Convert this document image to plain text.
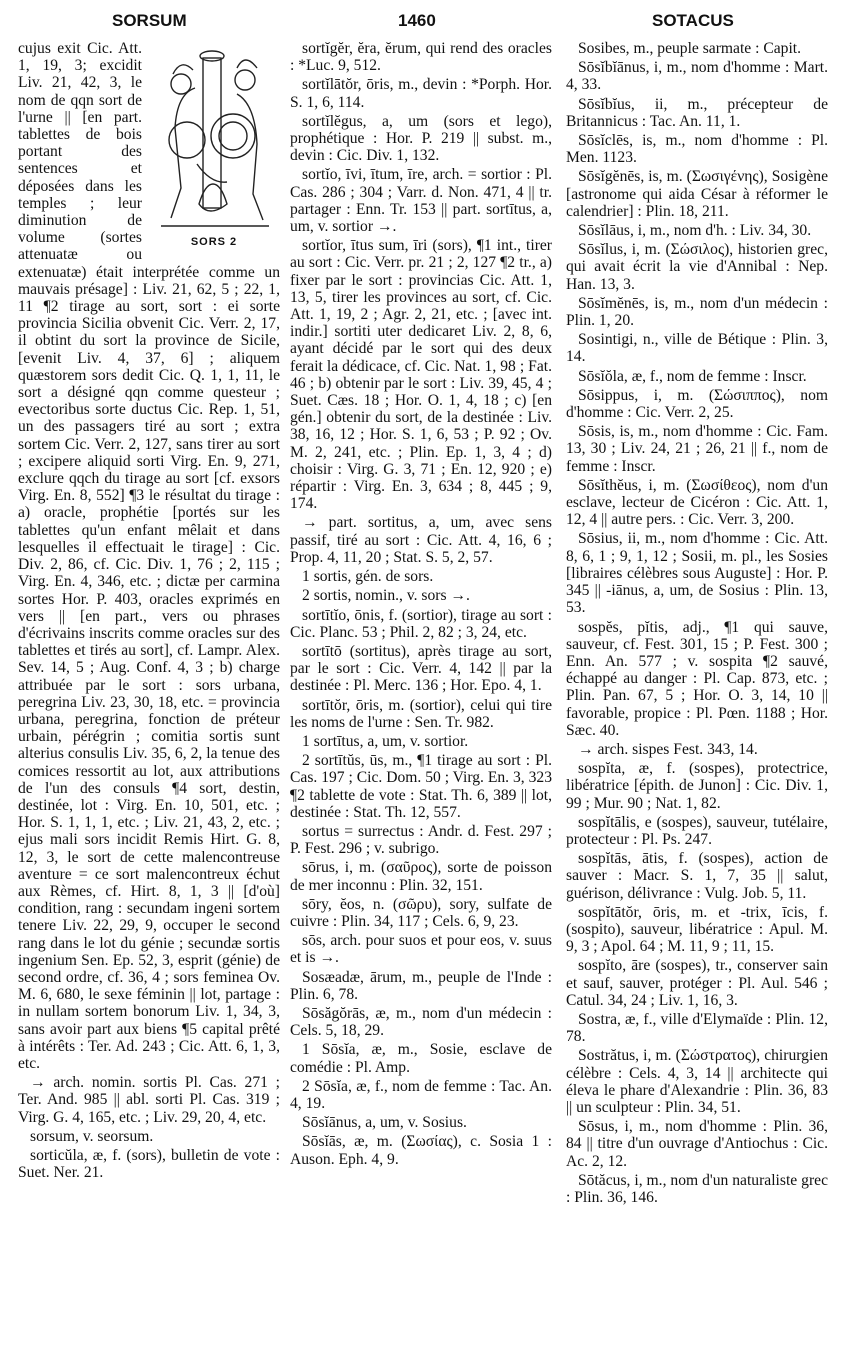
SORSUM	1460	SOTACUS
SORS 2

cujus exit Cic. Att. 1, 19, 3; excidit Liv. 21, 42, 3, le nom de qqn sort de l'urne || [en part. tablettes de bois portant des sentences et déposées dans les temples ; leur diminution de volume (sortes attenuatæ ou extenuatæ) était interprétée comme un mauvais présage] : Liv. 21, 62, 5 ; 22, 1, 11 ¶2 tirage au sort, sort : ei sorte provincia Sicilia obvenit Cic. Verr. 2, 17, il obtint du sort la province de Sicile, [evenit Liv. 4, 37, 6] ; aliquem quæstorem sors dedit Cic. Q. 1, 1, 11, le sort a désigné qqn comme questeur ; evectoribus sorte ductus Cic. Rep. 1, 51, un des passagers tiré au sort ; extra sortem Cic. Verr. 2, 127, sans tirer au sort ; excipere aliquid sorti Virg. En. 9, 271, exclure qqch du tirage au sort [cf. exsors Virg. En. 8, 552] ¶3 le résultat du tirage : a) oracle, prophétie [portés sur les tablettes qu'un enfant mêlait et dans lesquelles il effectuait le tirage] : Cic. Div. 2, 86, cf. Cic. Div. 1, 76 ; 2, 115 ; Virg. En. 4, 346, etc. ; dictæ per carmina sortes Hor. P. 403, oracles exprimés en vers || [en part., vers ou phrases d'écrivains inscrits comme oracles sur des tablettes et tirés au sort], cf. Lampr. Alex. Sev. 14, 5 ; Aug. Conf. 4, 3 ; b) charge attribuée par le sort : sors urbana, peregrina Liv. 23, 30, 18, etc. = provincia urbana, peregrina, fonction de préteur urbain, pérégrin ; comitia sortis sunt alterius consulis Liv. 35, 6, 2, la tenue des comices ressortit au lot, aux attributions de l'un des consuls ¶4 sort, destin, destinée, lot : Virg. En. 10, 501, etc. ; Hor. S. 1, 1, 1, etc. ; Liv. 21, 43, 2, etc. ; ejus mali sors incidit Remis Hirt. G. 8, 12, 3, le sort de cette malencontreuse aventure = ce sort malencontreux échut aux Rèmes, cf. Hirt. 8, 1, 3 || [d'où] condition, rang : secundam ingeni sortem tenere Liv. 22, 29, 9, occuper le second rang dans le lot du génie ; secundæ sortis ingenium Sen. Ep. 52, 3, esprit (génie) de second ordre, cf. 36, 4 ; sors feminea Ov. M. 6, 680, le sexe féminin || lot, partage : in nullam sortem bonorum Liv. 1, 34, 3, sans avoir part aux biens ¶5 capital prêté à intérêts : Ter. Ad. 243 ; Cic. Att. 6, 1, 3, etc.

→ arch. nomin. sortis Pl. Cas. 271 ; Ter. And. 985 || abl. sorti Pl. Cas. 319 ; Virg. G. 4, 165, etc. ; Liv. 29, 20, 4, etc.

sorsum, v. seorsum.

sorticŭla, æ, f. (sors), bulletin de vote : Suet. Ner. 21.

sortĭgĕr, ĕra, ĕrum, qui rend des oracles : *Luc. 9, 512.

sortĭlātŏr, ōris, m., devin : *Porph. Hor. S. 1, 6, 114.

sortĭlĕgus, a, um (sors et lego), prophétique : Hor. P. 219 || subst. m., devin : Cic. Div. 1, 132.

sortĭo, īvi, ītum, īre, arch. = sortior : Pl. Cas. 286 ; 304 ; Varr. d. Non. 471, 4 || tr. partager : Enn. Tr. 153 || part. sortītus, a, um, v. sortior →.

sortĭor, ītus sum, īri (sors), ¶1 int., tirer au sort : Cic. Verr. pr. 21 ; 2, 127 ¶2 tr., a) fixer par le sort : provincias Cic. Att. 1, 13, 5, tirer les provinces au sort, cf. Cic. Att. 1, 19, 2 ; Agr. 2, 21, etc. ; [avec int. indir.] sortiti uter dedicaret Liv. 2, 8, 6, ayant décidé par le sort qui des deux ferait la dédicace, cf. Cic. Nat. 1, 98 ; Fat. 46 ; b) obtenir par le sort : Liv. 39, 45, 4 ; Suet. Cæs. 18 ; Hor. O. 1, 4, 18 ; c) [en gén.] obtenir du sort, de la destinée : Liv. 38, 16, 12 ; Hor. S. 1, 6, 53 ; P. 92 ; Ov. M. 2, 241, etc. ; Plin. Ep. 1, 3, 4 ; d) choisir : Virg. G. 3, 71 ; En. 12, 920 ; e) répartir : Virg. En. 3, 634 ; 8, 445 ; 9, 174.

→ part. sortitus, a, um, avec sens passif, tiré au sort : Cic. Att. 4, 16, 6 ; Prop. 4, 11, 20 ; Stat. S. 5, 2, 57.

1 sortis, gén. de sors.

2 sortis, nomin., v. sors →.

sortītĭo, ōnis, f. (sortior), tirage au sort : Cic. Planc. 53 ; Phil. 2, 82 ; 3, 24, etc.

sortītō (sortitus), après tirage au sort, par le sort : Cic. Verr. 4, 142 || par la destinée : Pl. Merc. 136 ; Hor. Epo. 4, 1.

sortītŏr, ōris, m. (sortior), celui qui tire les noms de l'urne : Sen. Tr. 982.

1 sortītus, a, um, v. sortior.

2 sortītŭs, ūs, m., ¶1 tirage au sort : Pl. Cas. 197 ; Cic. Dom. 50 ; Virg. En. 3, 323 ¶2 tablette de vote : Stat. Th. 6, 389 || lot, destinée : Stat. Th. 12, 557.

sortus = surrectus : Andr. d. Fest. 297 ; P. Fest. 296 ; v. subrigo.

sōrus, i, m. (σαῦρος), sorte de poisson de mer inconnu : Plin. 32, 151.

sōry, ĕos, n. (σῶρυ), sory, sulfate de cuivre : Plin. 34, 117 ; Cels. 6, 9, 23.

sōs, arch. pour suos et pour eos, v. suus et is →.

Sosæadæ, ārum, m., peuple de l'Inde : Plin. 6, 78.

Sōsăgŏrās, æ, m., nom d'un médecin : Cels. 5, 18, 29.

1 Sōsĭa, æ, m., Sosie, esclave de comédie : Pl. Amp.

2 Sōsĭa, æ, f., nom de femme : Tac. An. 4, 19.

Sōsĭānus, a, um, v. Sosius.

Sōsĭās, æ, m. (Σωσίας), c. Sosia 1 : Auson. Eph. 4, 9.

Sosibes, m., peuple sarmate : Capit.

Sōsĭbĭānus, i, m., nom d'homme : Mart. 4, 33.

Sōsĭbĭus, ii, m., précepteur de Britannicus : Tac. An. 11, 1.

Sōsĭclēs, is, m., nom d'homme : Pl. Men. 1123.

Sōsĭgĕnēs, is, m. (Σωσιγένης), Sosigène [astronome qui aida César à réformer le calendrier] : Plin. 18, 211.

Sōsĭlāus, i, m., nom d'h. : Liv. 34, 30.

Sōsĭlus, i, m. (Σώσιλος), historien grec, qui avait écrit la vie d'Annibal : Nep. Han. 13, 3.

Sōsĭmĕnēs, is, m., nom d'un médecin : Plin. 1, 20.

Sosintigi, n., ville de Bétique : Plin. 3, 14.

Sōsĭŏla, æ, f., nom de femme : Inscr.

Sōsippus, i, m. (Σώσιππος), nom d'homme : Cic. Verr. 2, 25.

Sōsis, is, m., nom d'homme : Cic. Fam. 13, 30 ; Liv. 24, 21 ; 26, 21 || f., nom de femme : Inscr.

Sōsĭthĕus, i, m. (Σωσίθεος), nom d'un esclave, lecteur de Cicéron : Cic. Att. 1, 12, 4 || autre pers. : Cic. Verr. 3, 200.

Sōsius, ii, m., nom d'homme : Cic. Att. 8, 6, 1 ; 9, 1, 12 ; Sosii, m. pl., les Sosies [libraires célèbres sous Auguste] : Hor. P. 345 || -iānus, a, um, de Sosius : Plin. 13, 53.

sospĕs, pĭtis, adj., ¶1 qui sauve, sauveur, cf. Fest. 301, 15 ; P. Fest. 300 ; Enn. An. 577 ; v. sospita ¶2 sauvé, échappé au danger : Pl. Cap. 873, etc. ; Plin. Pan. 67, 5 ; Hor. O. 3, 14, 10 || favorable, propice : Pl. Pœn. 1188 ; Hor. Sæc. 40.

→ arch. sispes Fest. 343, 14.

sospĭta, æ, f. (sospes), protectrice, libératrice [épith. de Junon] : Cic. Div. 1, 99 ; Mur. 90 ; Nat. 1, 82.

sospĭtālis, e (sospes), sauveur, tutélaire, protecteur : Pl. Ps. 247.

sospĭtās, ātis, f. (sospes), action de sauver : Macr. S. 1, 7, 35 || salut, guérison, délivrance : Vulg. Job. 5, 11.

sospĭtātŏr, ōris, m. et -trix, īcis, f. (sospito), sauveur, libératrice : Apul. M. 9, 3 ; Apol. 64 ; M. 11, 9 ; 11, 15.

sospĭto, āre (sospes), tr., conserver sain et sauf, sauver, protéger : Pl. Aul. 546 ; Catul. 34, 24 ; Liv. 1, 16, 3.

Sostra, æ, f., ville d'Elymaïde : Plin. 12, 78.

Sostrătus, i, m. (Σώστρατος), chirurgien célèbre : Cels. 4, 3, 14 || architecte qui éleva le phare d'Alexandrie : Plin. 36, 83 || un sculpteur : Plin. 34, 51.

Sōsus, i, m., nom d'homme : Plin. 36, 84 || titre d'un ouvrage d'Antiochus : Cic. Ac. 2, 12.

Sōtăcus, i, m., nom d'un naturaliste grec : Plin. 36, 146.
